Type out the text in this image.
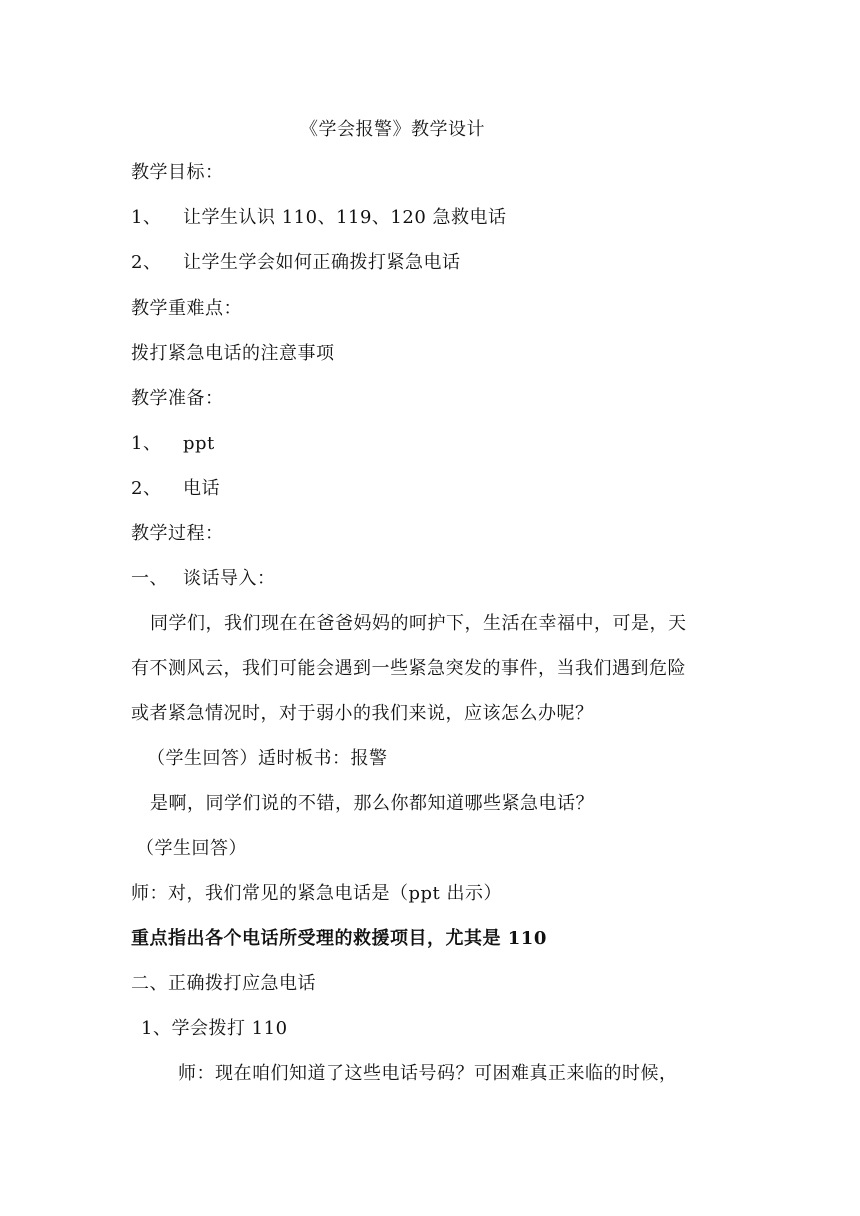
《学会报警》教学设计
教学目标：
1、 让学生认识 110、119、120 急救电话
2、 让学生学会如何正确拨打紧急电话
教学重难点：
拨打紧急电话的注意事项
教学准备：
1、 ppt
2、 电话
教学过程：
一、 谈话导入：
同学们，我们现在在爸爸妈妈的呵护下，生活在幸福中，可是，天
有不测风云，我们可能会遇到一些紧急突发的事件，当我们遇到危险
或者紧急情况时，对于弱小的我们来说，应该怎么办呢？
（学生回答）适时板书：报警
是啊，同学们说的不错，那么你都知道哪些紧急电话？
（学生回答）
师：对，我们常见的紧急电话是（ppt 出示）
重点指出各个电话所受理的救援项目，尤其是 110
二、正确拨打应急电话
1、学会拨打 110
师：现在咱们知道了这些电话号码？可困难真正来临的时候，
